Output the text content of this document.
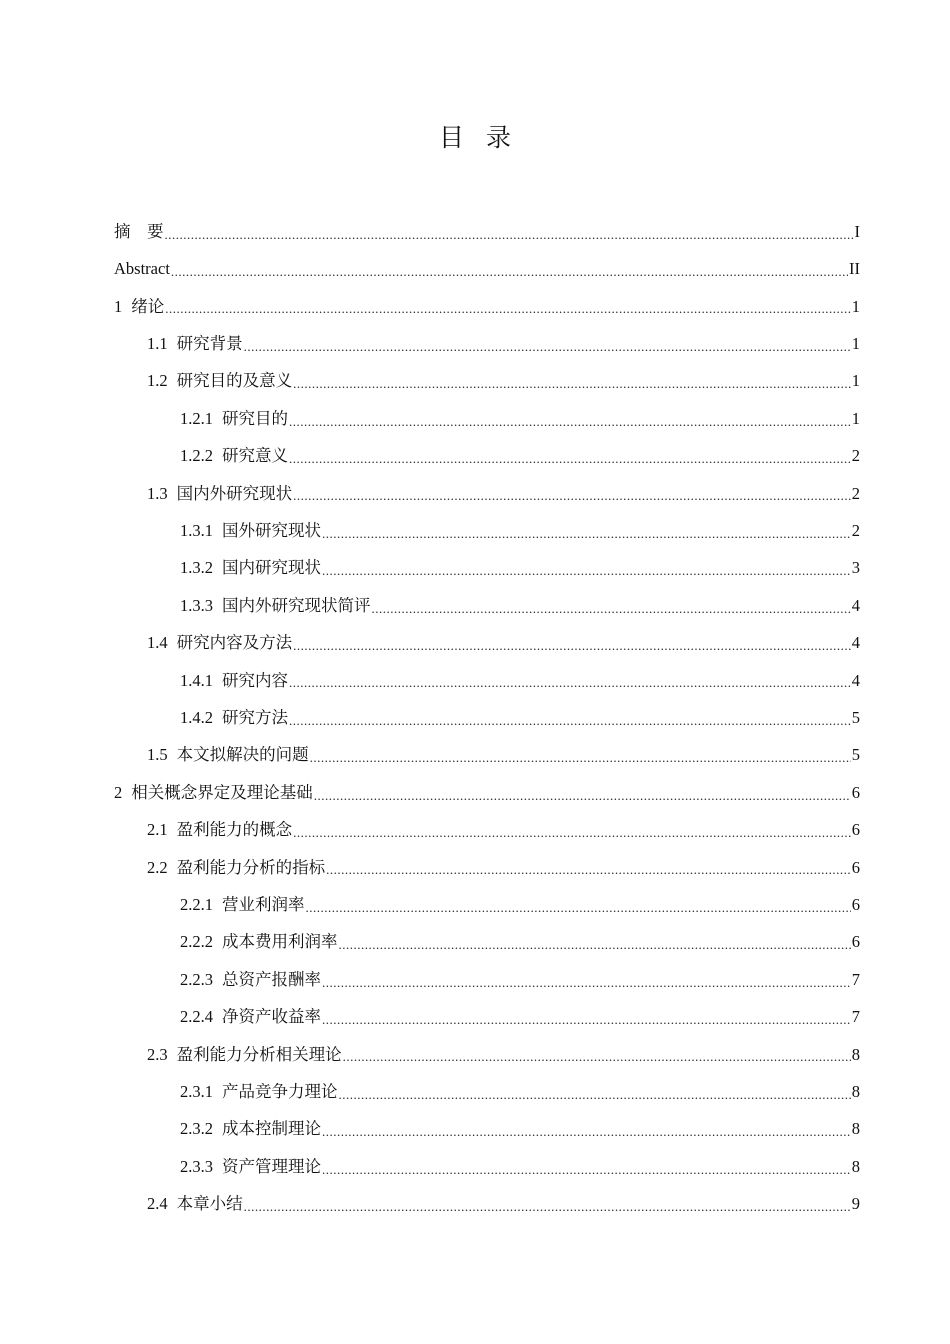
目 录
摘　要 .....	I
Abstract .....	II
1 绪论 .....	1
1.1 研究背景 .....	1
1.2 研究目的及意义 .....	1
1.2.1 研究目的 .....	1
1.2.2 研究意义 .....	2
1.3 国内外研究现状 .....	2
1.3.1 国外研究现状 .....	2
1.3.2 国内研究现状 .....	3
1.3.3 国内外研究现状简评 .....	4
1.4 研究内容及方法 .....	4
1.4.1 研究内容 .....	4
1.4.2 研究方法 .....	5
1.5 本文拟解决的问题 .....	5
2 相关概念界定及理论基础 .....	6
2.1 盈利能力的概念 .....	6
2.2 盈利能力分析的指标 .....	6
2.2.1 营业利润率 .....	6
2.2.2 成本费用利润率 .....	6
2.2.3 总资产报酬率 .....	7
2.2.4 净资产收益率 .....	7
2.3 盈利能力分析相关理论 .....	8
2.3.1 产品竞争力理论 .....	8
2.3.2 成本控制理论 .....	8
2.3.3 资产管理理论 .....	8
2.4 本章小结 .....	9
